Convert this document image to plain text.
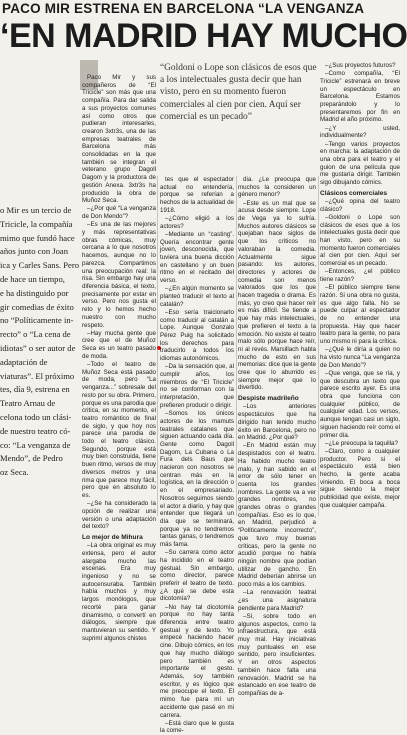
PACO MIR ESTRENA EN BARCELONA “LA VENGANZA
‘EN MADRID HAY MUCHO

Paco Mir y sus compañeros de “El Tricicle” son más que una compañía. Para dar salida a sus proyectos comunes así como otros que pudieran interesarles, crearon 3xtr3s, una de las empresas teatrales de Barcelona más consolidadas en la que también se integran el veterano grupo Dagoll Dagom y la productora de gestión Anexa. 3xtr3s ha producido la obra de Muñoz Seca.

–¿Por qué “La venganza de Don Mendo”?

–Es una de las mejores y más representativas obras cómicas, muy cercana a lo que nosotros hacemos, aunque no lo parezca. Compartimos una preocupación real: la risa. Sin embargo hay una diferencia básica, el texto, precisamente por estar en verso. Pero nos gusta el reto y lo hemos hecho nuestro con mucho respeto.

–Hay mucha gente que cree que el de Muñoz Seca es un teatro pasado de moda.

–Todo el teatro de Muñoz Seca está pasado de moda, pero “La venganza...” sobresale del resto por su obra. Primero, porque es una parodia que critica, en su momento, el teatro romántico de final de siglo, y que hoy nos parece una parodia de todo el teatro clásico. Segundo, porque está muy bien construida, tiene buen ritmo, versos de muy diversos metros y una rima que parece muy fácil, pero que en absoluto lo es.

–¿Se ha considerado la opción de realizar una versión o una adaptación del texto?

Lo mejor de Mihura

–La obra original es muy extensa, pero el autor alargaba mucho las escenas. Era muy ingenioso y no se autocensuraba. También había muchos y muy largos monólogos, que recorté para ganar dinamismo, o convertí en diálogos, siempre que mantuvieran su sentido. Y suprimí algunos chistes

“Goldoni o Lope son clásicos de esos que a los intelectuales gusta decir que han visto, pero en su momento fueron comerciales al cien por cien. Aquí ser comercial es un pecado”

o Mir es un tercio de

Tricicle, la compañía

mimo que fundó hace

años junto con Joan

ica y Carles Sans. Pero

de hace un tiempo,

e ha distinguido por

gir comedias de éxito

no “Políticamente in-

recto” o “La cena de

idiotas” o ser autor de

adaptación de

viaturas”. El próximo

tes, día 9, estrena en

Teatro Arnau de

celona todo un clási-

de nuestro teatro có-

co: “La venganza de

Mendo”, de Pedro

oz Seca.

tes que el espectador actual no entendería, porque se referían a hechos de la actualidad de 1918.

–¿Cómo eligió a los actores?

–Mediante un “casting”. Quería encontrar gente joven, desconocida, que tuviera una buena dicción en castellano y un buen ritmo en el recitado del verso.

–¿En algún momento se planteó traducir el texto al catalán?

–Eso sería traicionarlo como traducir al catalán a Lope. Aunque Gonzalo Pérez Puig ha solicitado los derechos para traducirlo a todos los idiomas autonómicos.

–Da la sensación que, al cumplir años, los miembros de “El Tricicle” no se conforman con la interpretación, que prefieren producir o dirigir.

–Somos los únicos actores de los mamuts teatrales catalanes que siguen actuando cada día. Gente como Dagoll Dagom, La Cubana o La Fura dels Baus que nacieron con nosotros se centran más en la logística, en la dirección o en el empresariado. Nosotros seguimos siendo el actor a diario, y hay que entender que llegará un día que se terminará, porque ya no tendremos tantas ganas, o tendremos más fama.

–Su carrera como actor ha incidido en el teatro gestual. Sin embargo, como director, parece preferir el teatro de texto. ¿A qué se debe esta dicotomía?

–No hay tal dicotomía porque no hay tanta diferencia entre teatro gestual y de texto. Yo empecé haciendo hacer cine. Dibujo cómics, en los que hay mucho diálogo pero también es importante el gesto. Además, soy también escritor, y es lógico que me preocupe el texto. El mimo fue para mí un accidente que pasé en mi carrera.

–Está claro que le gusta la come-

dia. ¿Le preocupa que muchos la consideren un género menor?

–Este es un mal que se acusa desde siempre. Lope de Vega ya lo sufría. Muchos autores clásicos se quejaban hace siglos de que los críticos no valoraban la comedia. Actualmente sigue pasando: los autores, directores y actores de comedia son menos valorados que los que hacen tragedia o drama. Es más, yo creo que hacer reír es más difícil. Se tiende a que hay más intelectuales, que prefieren el texto a la emoción. No existe el teatro malo sólo porque hace reír, ni al revés. Marsillach habla mucho de esto en sus memorias: dice que la gente cree que lo aburrido es siempre mejor que lo divertido.

Despiste madrileño

–Los anteriores espectáculos que ha dirigido han tenido mucho éxito en Barcelona, pero no en Madrid. ¿Por qué?

–En Madrid están muy despistados con el teatro. Ha habido mucho teatro malo, y han sabido en el error de sólo tener en cuenta los grandes nombres. La gente va a ver grandes nombres, no grandes obras o grandes compañías. Eso es lo que, en Madrid, perjudicó a “Políticamente incorrecto”, que tuvo muy buenas críticas, pero la gente no acudió porque no había ningún nombre que podían utilizar de gancho. En Madrid deberían abrirse un poco más a los cambios.

–La renovación teatral ¿es una asignatura pendiente para Madrid?

–Sí, sobre todo en algunos aspectos, como la infraestructura, que está muy mal. Hay iniciativas muy puntuales en ese sentido, pero insuficientes. Y en otros aspectos también hace falta una renovación. Madrid se ha estancado en ese teatro de compañías de a-

–¿Sus proyectos futuros?

–Como compañía, “El Tricicle” estrenará en breve un espectáculo en Barcelona. Estamos preparándolo y lo presentaremos por fin en Madrid el año próximo.

–¿Y usted, individualmente?

–Tengo varios proyectos en marcha: la adaptación de una obra para el teatro y el guion de una película que me gustaría dirigir. También sigo dibujando cómics.

Clásicos comerciales

–¿Qué opina del teatro clásico?

–Goldoni o Lope son clásicos de esos que a los intelectuales gusta decir que han visto, pero en su momento fueron comerciales al cien por cien. Aquí ser comercial es un pecado.

–Entonces, ¿el público tiene razón?

–El público siempre tiene razón. Si una obra no gusta, es que algo falla. No se puede culpar al espectador de no entender una propuesta. Hay que hacer teatro para la gente, no para uno mismo ni para la crítica.

–¿Qué le diría a quien no ha visto nunca “La venganza de Don Mendo”?

–Que venga, que se ría, y que descubra un texto que parece escrito ayer. Es una obra que funciona con cualquier público, de cualquier edad. Los versos, aunque tengan casi un siglo, siguen haciendo reír como el primer día.

–¿Le preocupa la taquilla?

–Claro, como a cualquier productor. Pero si el espectáculo está bien hecho, la gente acaba viniendo. El boca a boca sigue siendo la mejor publicidad que existe, mejor que cualquier campaña.
